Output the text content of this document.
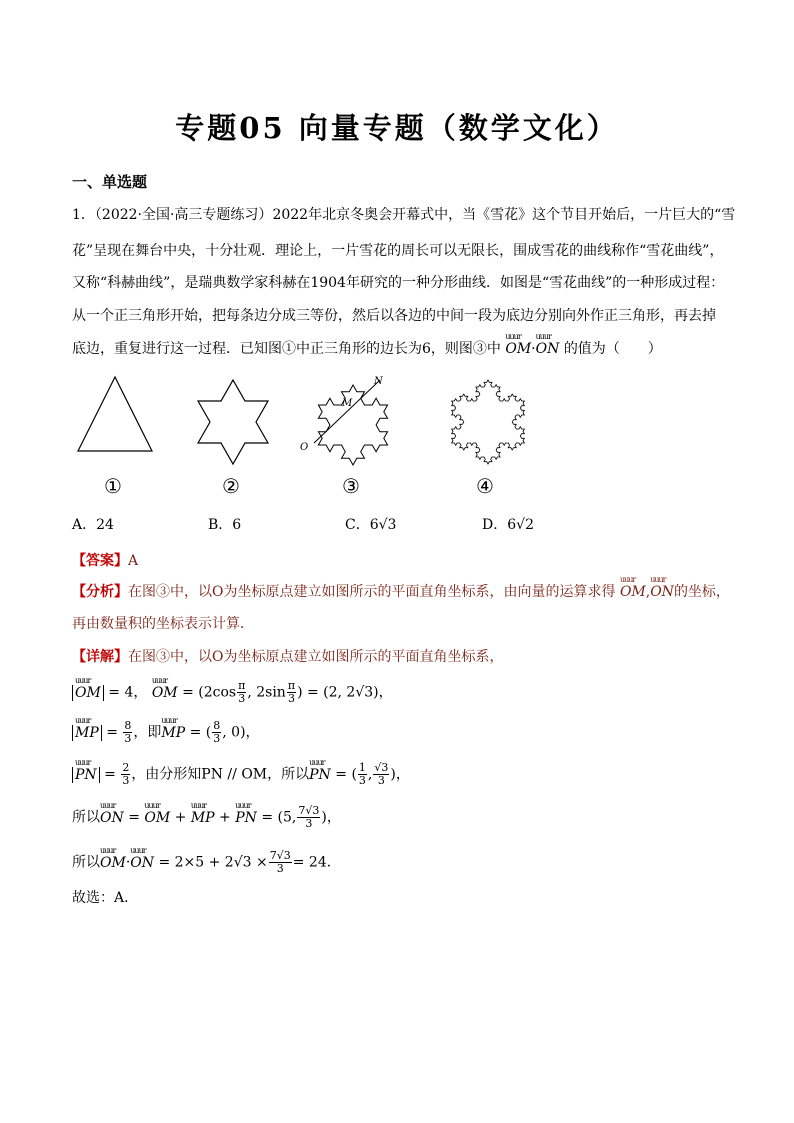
专题05 向量专题（数学文化）
一、单选题
1．（2022·全国·高三专题练习）2022年北京冬奥会开幕式中，当《雪花》这个节目开始后，一片巨大的“雪
花”呈现在舞台中央，十分壮观．理论上，一片雪花的周长可以无限长，围成雪花的曲线称作“雪花曲线”，
又称“科赫曲线”，是瑞典数学家科赫在1904年研究的一种分形曲线．如图是“雪花曲线”的一种形成过程：
从一个正三角形开始，把每条边分成三等份，然后以各边的中间一段为底边分别向外作正三角形，再去掉
底边，重复进行这一过程．已知图①中正三角形的边长为6，则图③中 uuur OM·uuur ON 的值为（　　）
M
N
O
①	②	③	④
A．24	B．6	C．6√3	D．6√2
【答案】A
【分析】在图③中，以O为坐标原点建立如图所示的平面直角坐标系，由向量的运算求得 uuur OM,uuur ON的坐标，
再由数量积的坐标表示计算．
【详解】在图③中，以O为坐标原点建立如图所示的平面直角坐标系，
uuur OM = 4， uuur OM = ($2\cos \frac{\pi}{3}$ , $2\sin \frac{\pi}{3}$ ) = (2, 2√3)，
uuur MP = $\frac{8}{3}$ ，即uuur MP = ( $\frac{8}{3}$ , 0)，
uuur PN = $\frac{2}{3}$ ，由分形知PN // OM，所以uuur PN = ( $\frac{1}{3}$ , $\frac{√3}{3}$ )，
所以uuur ON = uuur OM + uuur MP + uuur PN = (5, $\frac{7√3}{3}$ )，
所以uuur OM·uuur ON = $2\times 5 + 2√3 \times \frac{7√3}{3} = 24$．
故选：A．
